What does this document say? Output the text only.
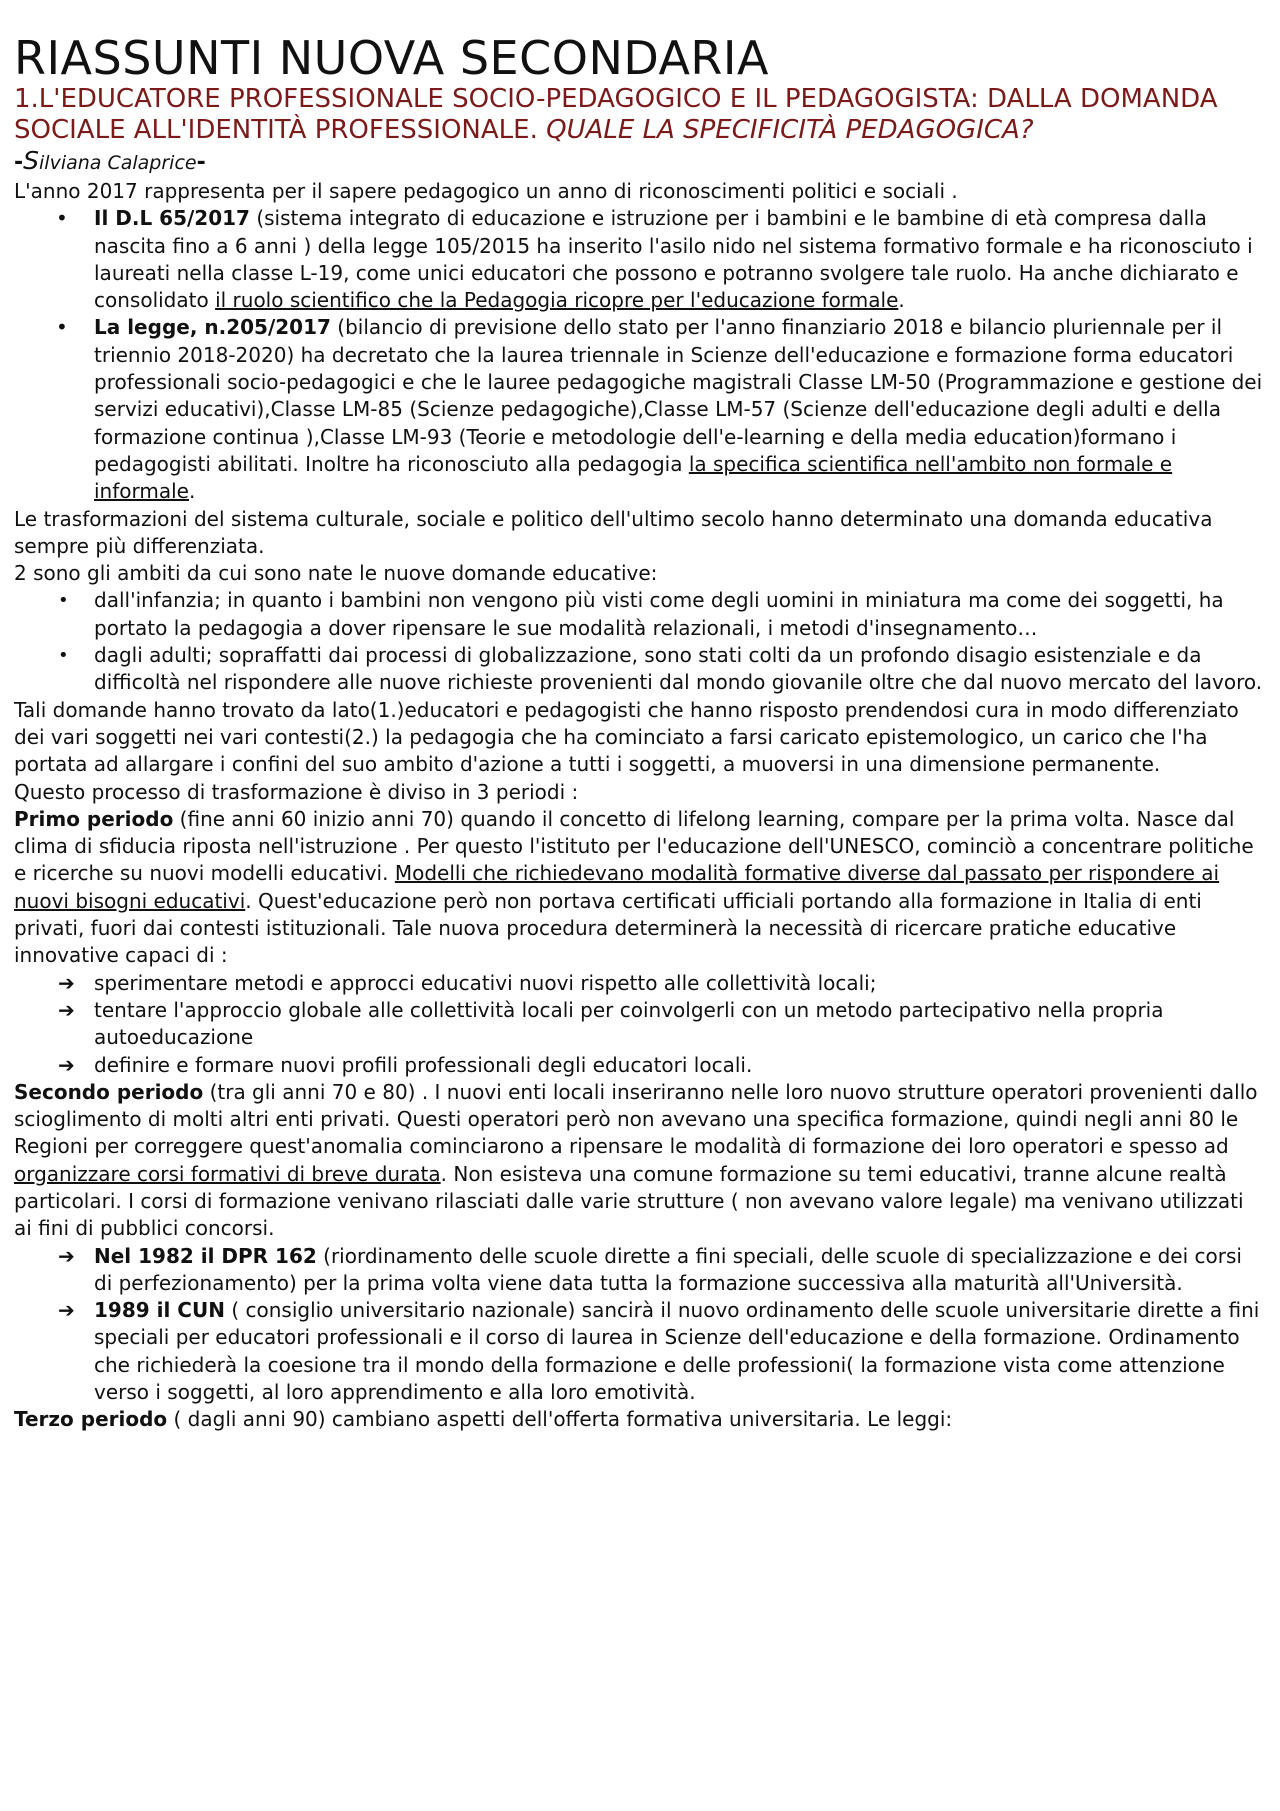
RIASSUNTI NUOVA SECONDARIA
1.L'EDUCATORE PROFESSIONALE SOCIO-PEDAGOGICO E IL PEDAGOGISTA: DALLA DOMANDA SOCIALE ALL'IDENTITÀ PROFESSIONALE. QUALE LA SPECIFICITÀ PEDAGOGICA?
-Silviana Calaprice-

L'anno 2017 rappresenta per il sapere pedagogico un anno di riconoscimenti politici e sociali .

• Il D.L 65/2017 (sistema integrato di educazione e istruzione per i bambini e le bambine di età compresa dalla nascita fino a 6 anni ) della legge 105/2015 ha inserito l'asilo nido nel sistema formativo formale e ha riconosciuto i laureati nella classe L-19, come unici educatori che possono e potranno svolgere tale ruolo. Ha anche dichiarato e consolidato il ruolo scientifico che la Pedagogia ricopre per l'educazione formale.
• La legge, n.205/2017 (bilancio di previsione dello stato per l'anno finanziario 2018 e bilancio pluriennale per il triennio 2018-2020) ha decretato che la laurea triennale in Scienze dell'educazione e formazione forma educatori professionali socio-pedagogici e che le lauree pedagogiche magistrali Classe LM-50 (Programmazione e gestione dei servizi educativi),Classe LM-85 (Scienze pedagogiche),Classe LM-57 (Scienze dell'educazione degli adulti e della formazione continua ),Classe LM-93 (Teorie e metodologie dell'e-learning e della media education)formano i pedagogisti abilitati. Inoltre ha riconosciuto alla pedagogia la specifica scientifica nell'ambito non formale e informale.

Le trasformazioni del sistema culturale, sociale e politico dell'ultimo secolo hanno determinato una domanda educativa sempre più differenziata.

2 sono gli ambiti da cui sono nate le nuove domande educative:

• dall'infanzia; in quanto i bambini non vengono più visti come degli uomini in miniatura ma come dei soggetti, ha portato la pedagogia a dover ripensare le sue modalità relazionali, i metodi d'insegnamento…
• dagli adulti; sopraffatti dai processi di globalizzazione, sono stati colti da un profondo disagio esistenziale e da difficoltà nel rispondere alle nuove richieste provenienti dal mondo giovanile oltre che dal nuovo mercato del lavoro.

Tali domande hanno trovato da lato(1.)educatori e pedagogisti che hanno risposto prendendosi cura in modo differenziato dei vari soggetti nei vari contesti(2.) la pedagogia che ha cominciato a farsi caricato epistemologico, un carico che l'ha portata ad allargare i confini del suo ambito d'azione a tutti i soggetti, a muoversi in una dimensione permanente.

Questo processo di trasformazione è diviso in 3 periodi :

Primo periodo (fine anni 60 inizio anni 70) quando il concetto di lifelong learning, compare per la prima volta. Nasce dal clima di sfiducia riposta nell'istruzione . Per questo l'istituto per l'educazione dell'UNESCO, cominciò a concentrare politiche e ricerche su nuovi modelli educativi. Modelli che richiedevano modalità formative diverse dal passato per rispondere ai nuovi bisogni educativi. Quest'educazione però non portava certificati ufficiali portando alla formazione in Italia di enti privati, fuori dai contesti istituzionali. Tale nuova procedura determinerà la necessità di ricercare pratiche educative innovative capaci di :

➔ sperimentare metodi e approcci educativi nuovi rispetto alle collettività locali;
➔ tentare l'approccio globale alle collettività locali per coinvolgerli con un metodo partecipativo nella propria autoeducazione
➔ definire e formare nuovi profili professionali degli educatori locali.

Secondo periodo (tra gli anni 70 e 80) . I nuovi enti locali inseriranno nelle loro nuovo strutture operatori provenienti dallo scioglimento di molti altri enti privati. Questi operatori però non avevano una specifica formazione, quindi negli anni 80 le Regioni per correggere quest'anomalia cominciarono a ripensare le modalità di formazione dei loro operatori e spesso ad organizzare corsi formativi di breve durata. Non esisteva una comune formazione su temi educativi, tranne alcune realtà particolari. I corsi di formazione venivano rilasciati dalle varie strutture ( non avevano valore legale) ma venivano utilizzati ai fini di pubblici concorsi.

➔ Nel 1982 il DPR 162 (riordinamento delle scuole dirette a fini speciali, delle scuole di specializzazione e dei corsi di perfezionamento) per la prima volta viene data tutta la formazione successiva alla maturità all'Università.
➔ 1989 il CUN ( consiglio universitario nazionale) sancirà il nuovo ordinamento delle scuole universitarie dirette a fini speciali per educatori professionali e il corso di laurea in Scienze dell'educazione e della formazione. Ordinamento che richiederà la coesione tra il mondo della formazione e delle professioni( la formazione vista come attenzione verso i soggetti, al loro apprendimento e alla loro emotività.

Terzo periodo ( dagli anni 90) cambiano aspetti dell'offerta formativa universitaria. Le leggi:
